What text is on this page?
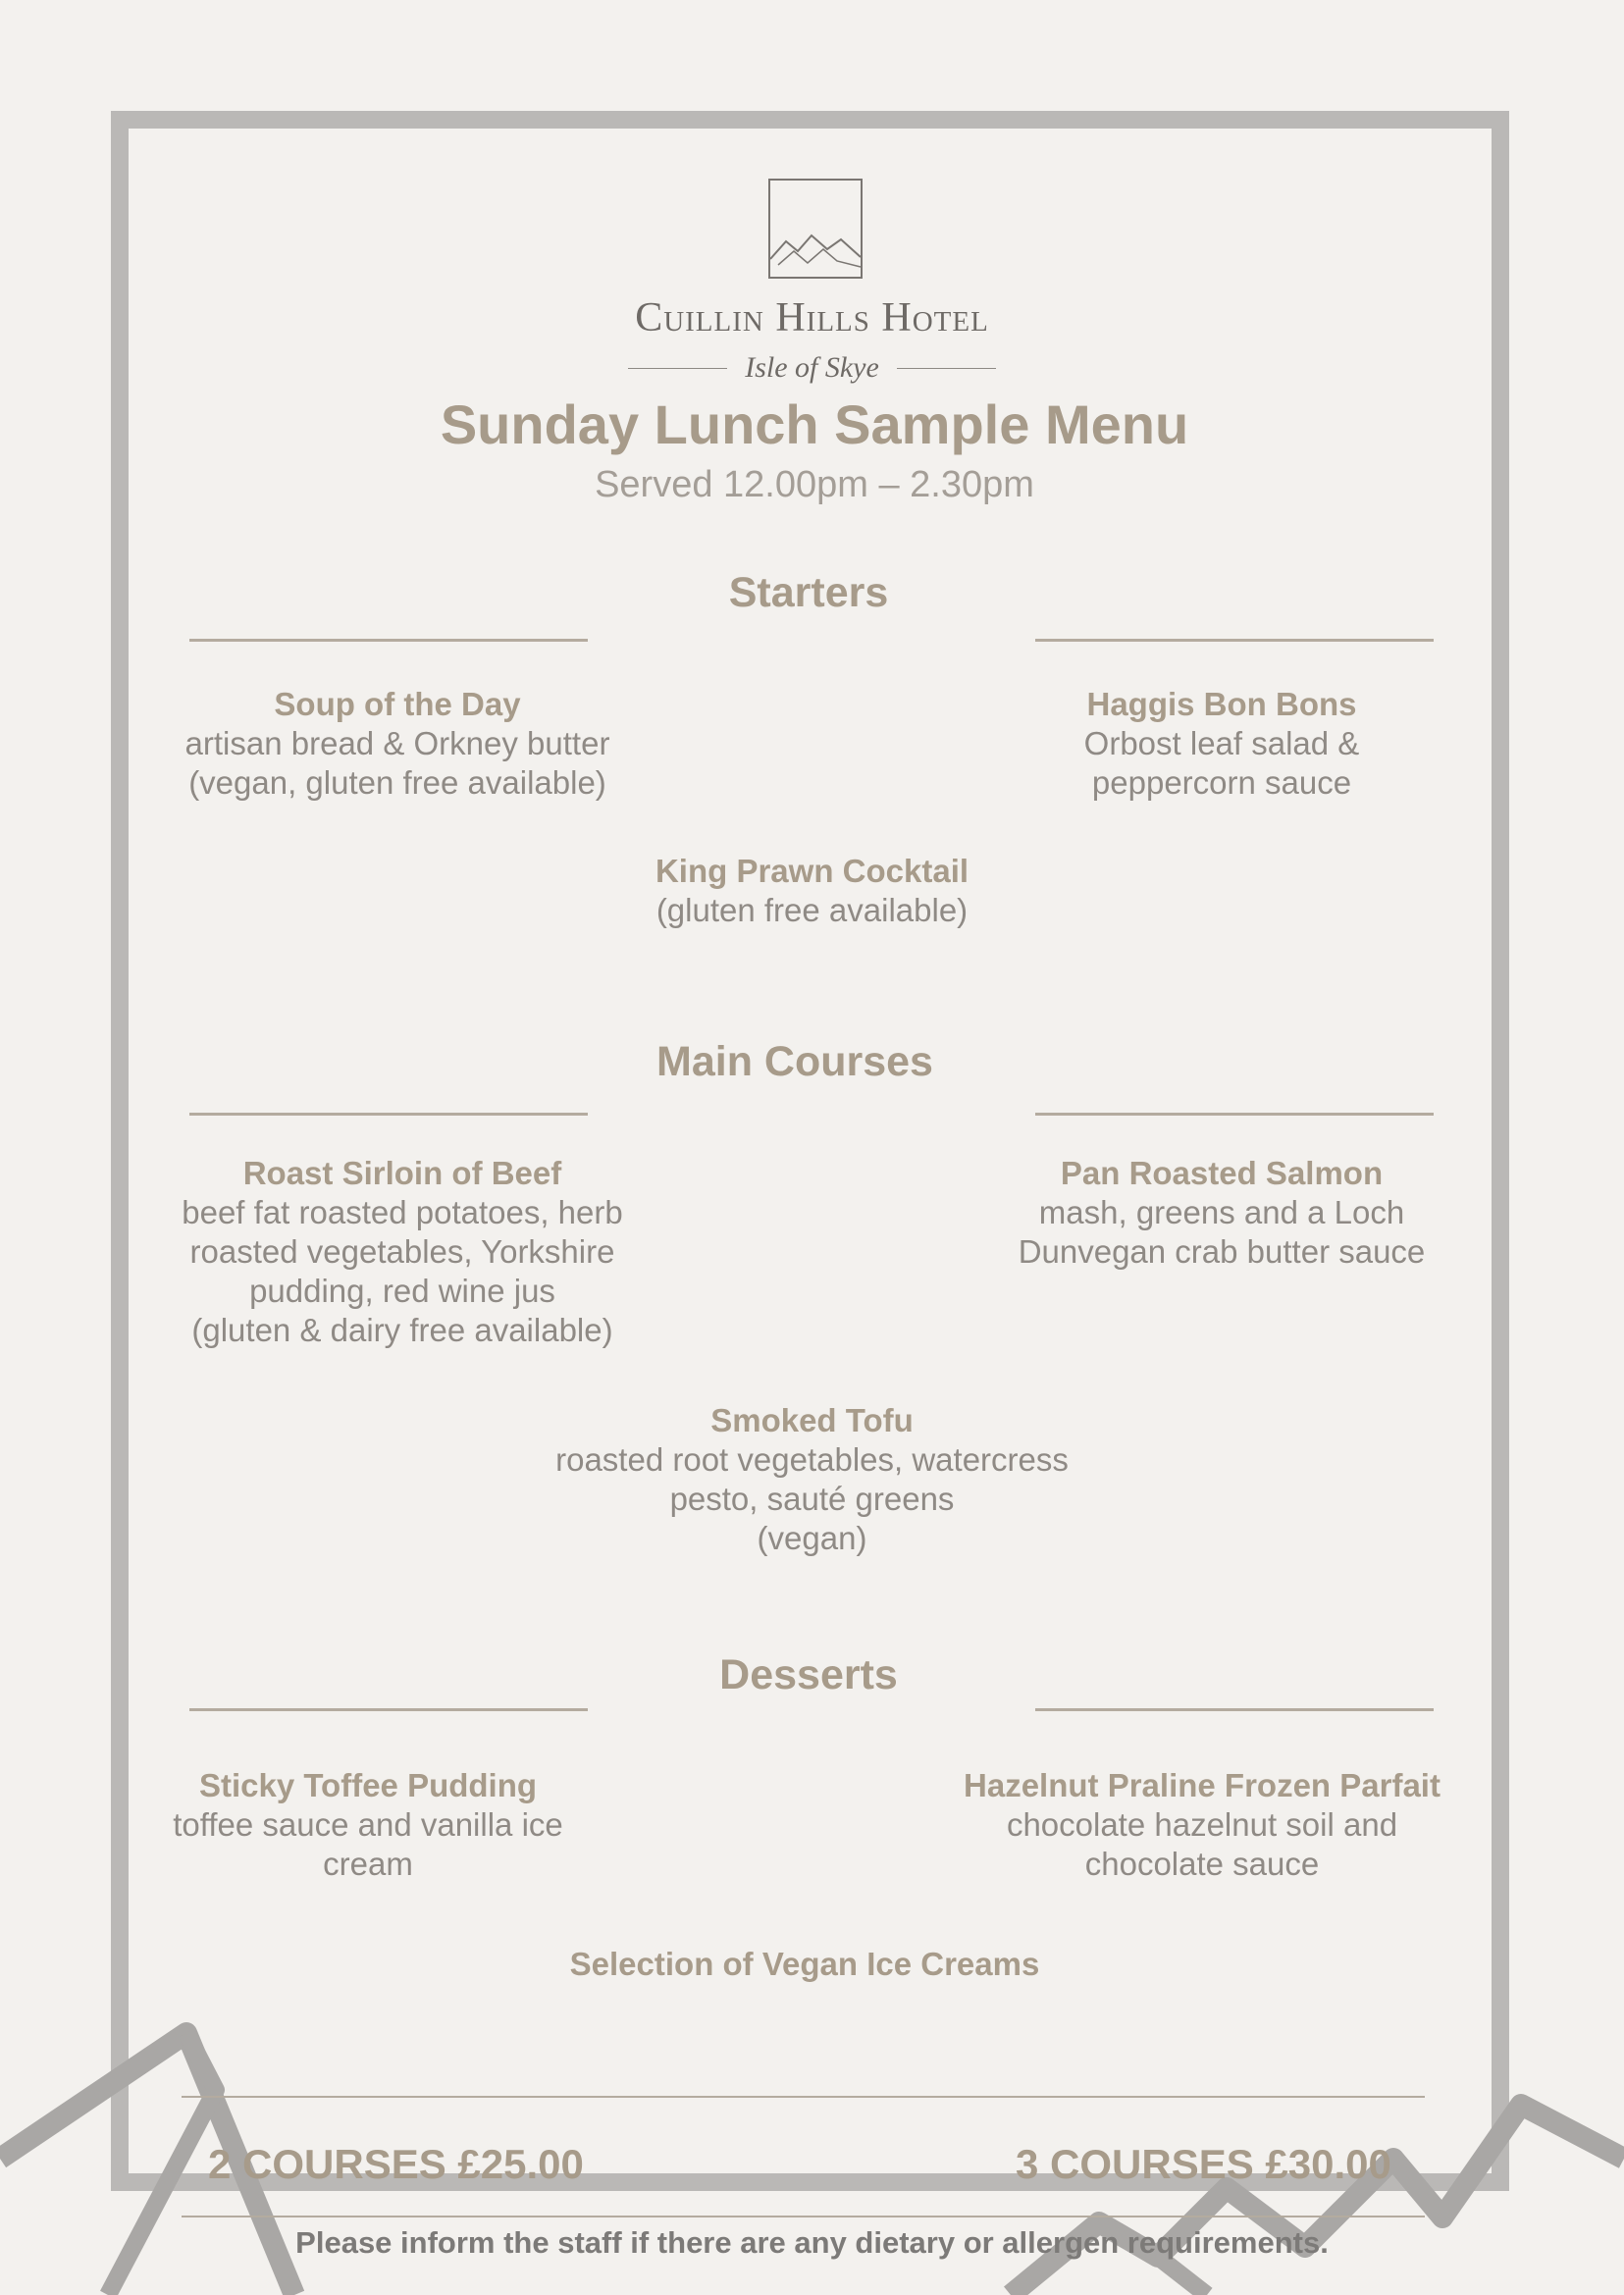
Cuillin Hills Hotel
Isle of Skye
Sunday Lunch Sample Menu
Served 12.00pm – 2.30pm
Starters
Soup of the Day
artisan bread & Orkney butter
(vegan, gluten free available)
Haggis Bon Bons
Orbost leaf salad &
peppercorn sauce
King Prawn Cocktail
(gluten free available)
Main Courses
Roast Sirloin of Beef
beef fat roasted potatoes, herb
roasted vegetables, Yorkshire
pudding, red wine jus
(gluten & dairy free available)
Pan Roasted Salmon
mash, greens and a Loch
Dunvegan crab butter sauce
Smoked Tofu
roasted root vegetables, watercress
pesto, sauté greens
(vegan)
Desserts
Sticky Toffee Pudding
toffee sauce and vanilla ice
cream
Hazelnut Praline Frozen Parfait
chocolate hazelnut soil and
chocolate sauce
Selection of Vegan Ice Creams
2 COURSES £25.00	3 COURSES £30.00
Please inform the staff if there are any dietary or allergen requirements.
